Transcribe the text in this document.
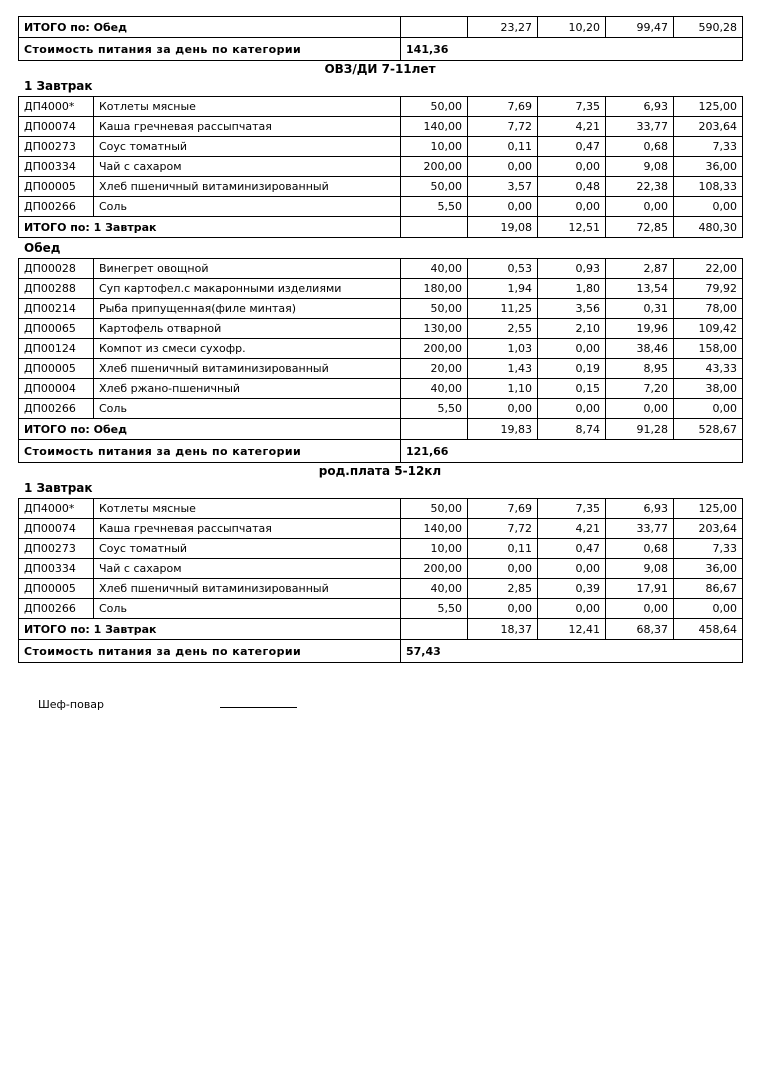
ИТОГО по: Обед		23,27	10,20	99,47	590,28
Стоимость питания за день по категории	141,36				
ОВЗ/ДИ 7-11лет
1 Завтрак
ДП4000*	Котлеты мясные	50,00	7,69	7,35	6,93	125,00
ДП00074	Каша гречневая рассыпчатая	140,00	7,72	4,21	33,77	203,64
ДП00273	Соус томатный	10,00	0,11	0,47	0,68	7,33
ДП00334	Чай с сахаром	200,00	0,00	0,00	9,08	36,00
ДП00005	Хлеб пшеничный витаминизированный	50,00	3,57	0,48	22,38	108,33
ДП00266	Соль	5,50	0,00	0,00	0,00	0,00
ИТОГО по: 1 Завтрак			19,08	12,51	72,85	480,30
Обед
ДП00028	Винегрет овощной	40,00	0,53	0,93	2,87	22,00
ДП00288	Суп картофел.с макаронными изделиями	180,00	1,94	1,80	13,54	79,92
ДП00214	Рыба припущенная(филе минтая)	50,00	11,25	3,56	0,31	78,00
ДП00065	Картофель отварной	130,00	2,55	2,10	19,96	109,42
ДП00124	Компот из смеси сухофр.	200,00	1,03	0,00	38,46	158,00
ДП00005	Хлеб пшеничный витаминизированный	20,00	1,43	0,19	8,95	43,33
ДП00004	Хлеб ржано-пшеничный	40,00	1,10	0,15	7,20	38,00
ДП00266	Соль	5,50	0,00	0,00	0,00	0,00
ИТОГО по: Обед			19,83	8,74	91,28	528,67
Стоимость питания за день по категории		121,66				
род.плата 5-12кл
1 Завтрак
ДП4000*	Котлеты мясные	50,00	7,69	7,35	6,93	125,00
ДП00074	Каша гречневая рассыпчатая	140,00	7,72	4,21	33,77	203,64
ДП00273	Соус томатный	10,00	0,11	0,47	0,68	7,33
ДП00334	Чай с сахаром	200,00	0,00	0,00	9,08	36,00
ДП00005	Хлеб пшеничный витаминизированный	40,00	2,85	0,39	17,91	86,67
ДП00266	Соль	5,50	0,00	0,00	0,00	0,00
ИТОГО по: 1 Завтрак			18,37	12,41	68,37	458,64
Стоимость питания за день по категории		57,43				
Шеф-повар
